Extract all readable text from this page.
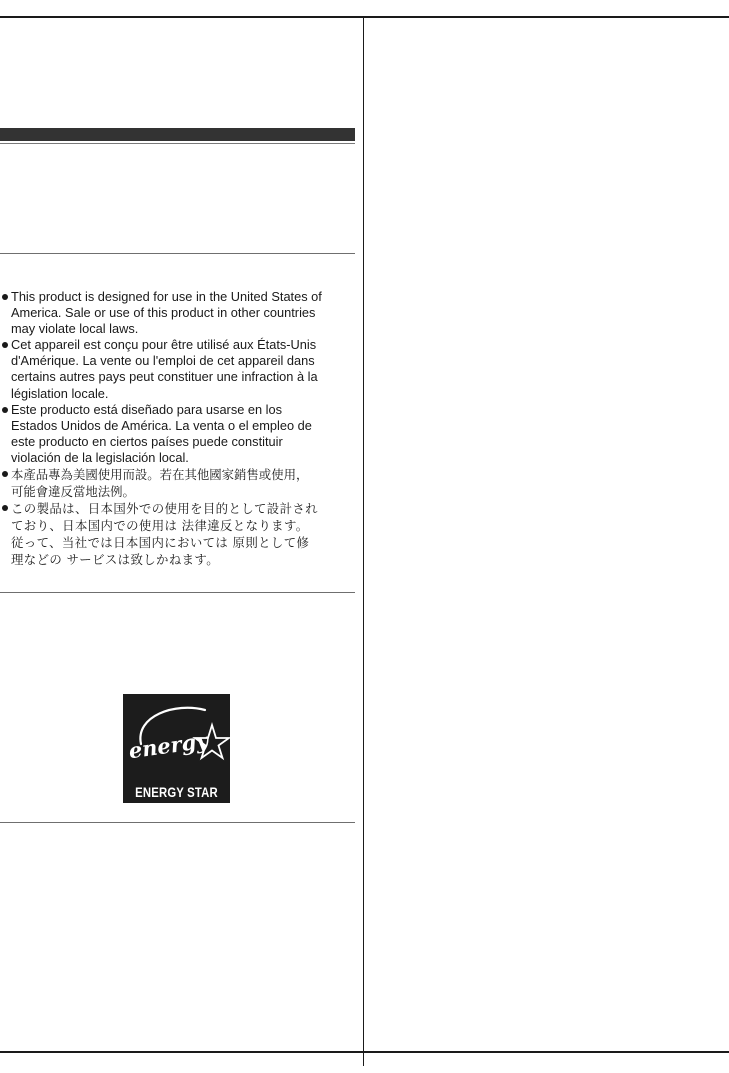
This product is designed for use in the United States of
America. Sale or use of this product in other countries
may violate local laws.
Cet appareil est conçu pour être utilisé aux États-Unis
d'Amérique. La vente ou l'emploi de cet appareil dans
certains autres pays peut constituer une infraction à la
législation locale.
Este producto está diseñado para usarse en los
Estados Unidos de América. La venta o el empleo de
este producto en ciertos países puede constituir
violación de la legislación local.
本產品專為美國使用而設。若在其他國家銷售或使用，
可能會違反當地法例。
この製品は、日本国外での使用を目的として設計され
ており、日本国内での使用は 法律違反となります。
従って、当社では日本国内においては 原則として修
理などの サービスは致しかねます。
energy
ENERGY STAR
